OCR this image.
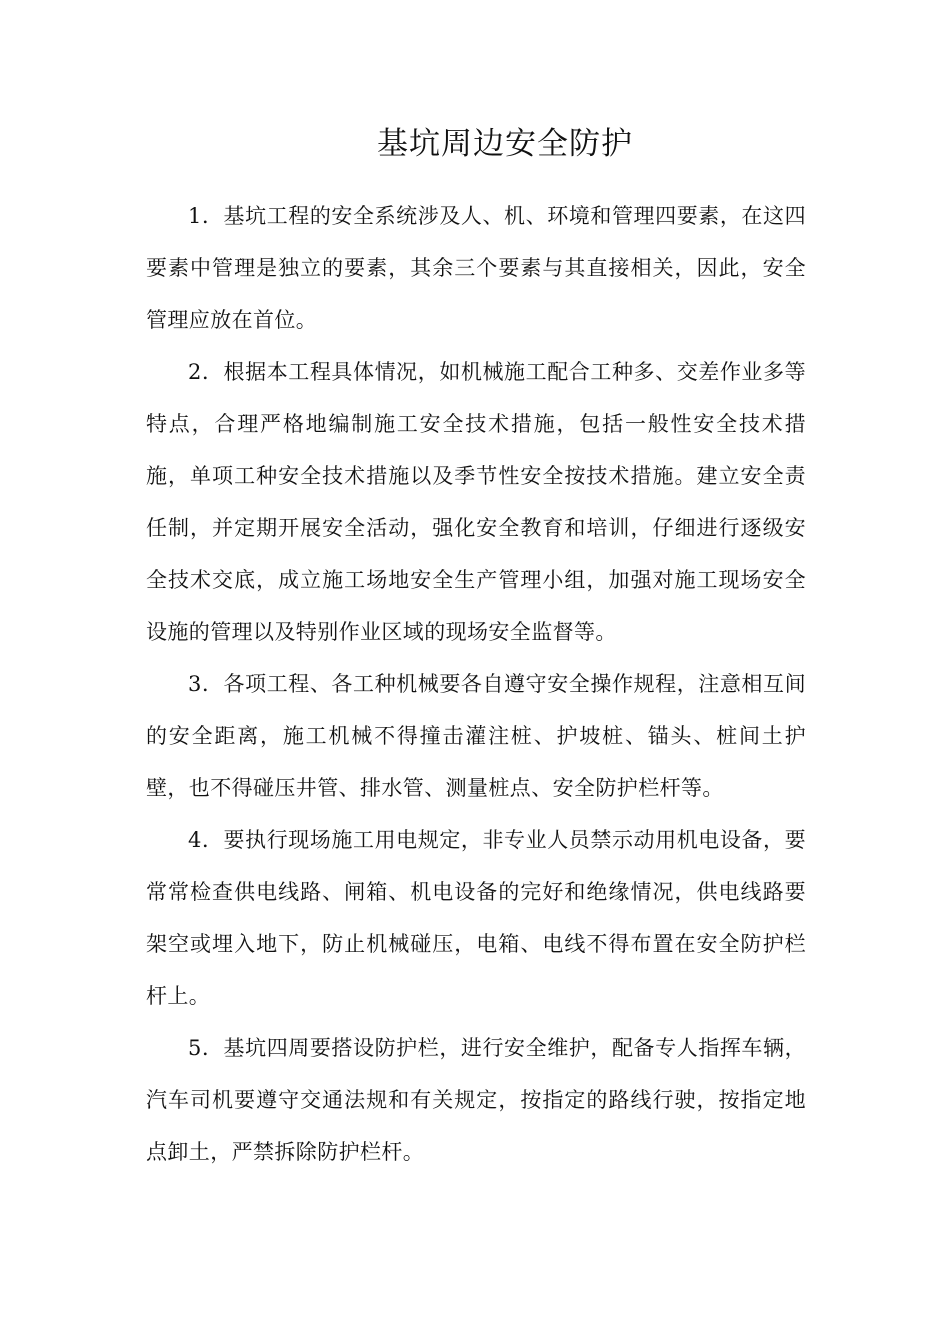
基坑周边安全防护

1．基坑工程的安全系统涉及人、机、环境和管理四要素，在这四要素中管理是独立的要素，其余三个要素与其直接相关，因此，安全管理应放在首位。

2．根据本工程具体情况，如机械施工配合工种多、交差作业多等特点，合理严格地编制施工安全技术措施，包括一般性安全技术措施，单项工种安全技术措施以及季节性安全按技术措施。建立安全责任制，并定期开展安全活动，强化安全教育和培训，仔细进行逐级安全技术交底，成立施工场地安全生产管理小组，加强对施工现场安全设施的管理以及特别作业区域的现场安全监督等。

3．各项工程、各工种机械要各自遵守安全操作规程，注意相互间的安全距离，施工机械不得撞击灌注桩、护坡桩、锚头、桩间土护壁，也不得碰压井管、排水管、测量桩点、安全防护栏杆等。

4．要执行现场施工用电规定，非专业人员禁示动用机电设备，要常常检查供电线路、闸箱、机电设备的完好和绝缘情况，供电线路要架空或埋入地下，防止机械碰压，电箱、电线不得布置在安全防护栏杆上。

5．基坑四周要搭设防护栏，进行安全维护，配备专人指挥车辆，汽车司机要遵守交通法规和有关规定，按指定的路线行驶，按指定地点卸土，严禁拆除防护栏杆。
